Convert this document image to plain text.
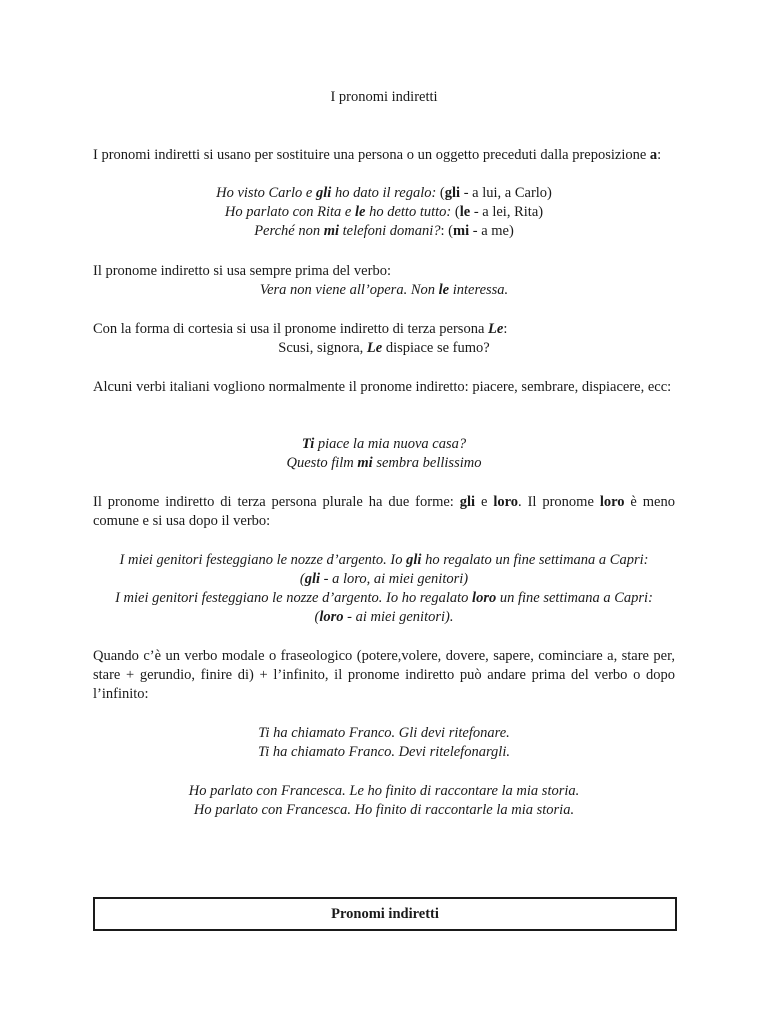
I pronomi indiretti
I pronomi indiretti si usano per sostituire una persona o un oggetto preceduti dalla preposizione a:
Ho visto Carlo e gli ho dato il regalo: (gli - a lui, a Carlo)
Ho parlato con Rita e le ho detto tutto: (le - a lei, Rita)
Perché non mi telefoni domani?: (mi - a me)
Il pronome indiretto si usa sempre prima del verbo:
Vera non viene all’opera. Non le interessa.
Con la forma di cortesia si usa il pronome indiretto di terza persona Le:
Scusi, signora, Le dispiace se fumo?
Alcuni verbi italiani vogliono normalmente il pronome indiretto: piacere, sembrare, dispiacere, ecc:
Ti piace la mia nuova casa?
Questo film mi sembra bellissimo
Il pronome indiretto di terza persona plurale ha due forme: gli e loro. Il pronome loro è meno comune e si usa dopo il verbo:
I miei genitori festeggiano le nozze d’argento. Io gli ho regalato un fine settimana a Capri:
(gli - a loro, ai miei genitori)
I miei genitori festeggiano le nozze d’argento. Io ho regalato loro un fine settimana a Capri:
(loro - ai miei genitori).
Quando c’è un verbo modale o fraseologico (potere,volere, dovere, sapere, cominciare a, stare per, stare + gerundio, finire di) + l’infinito, il pronome indiretto può andare prima del verbo o dopo l’infinito:
Ti ha chiamato Franco. Gli devi ritefonare.
Ti ha chiamato Franco. Devi ritelefonargli.
Ho parlato con Francesca. Le ho finito di raccontare la mia storia.
Ho parlato con Francesca. Ho finito di raccontarle la mia storia.
Pronomi indiretti
